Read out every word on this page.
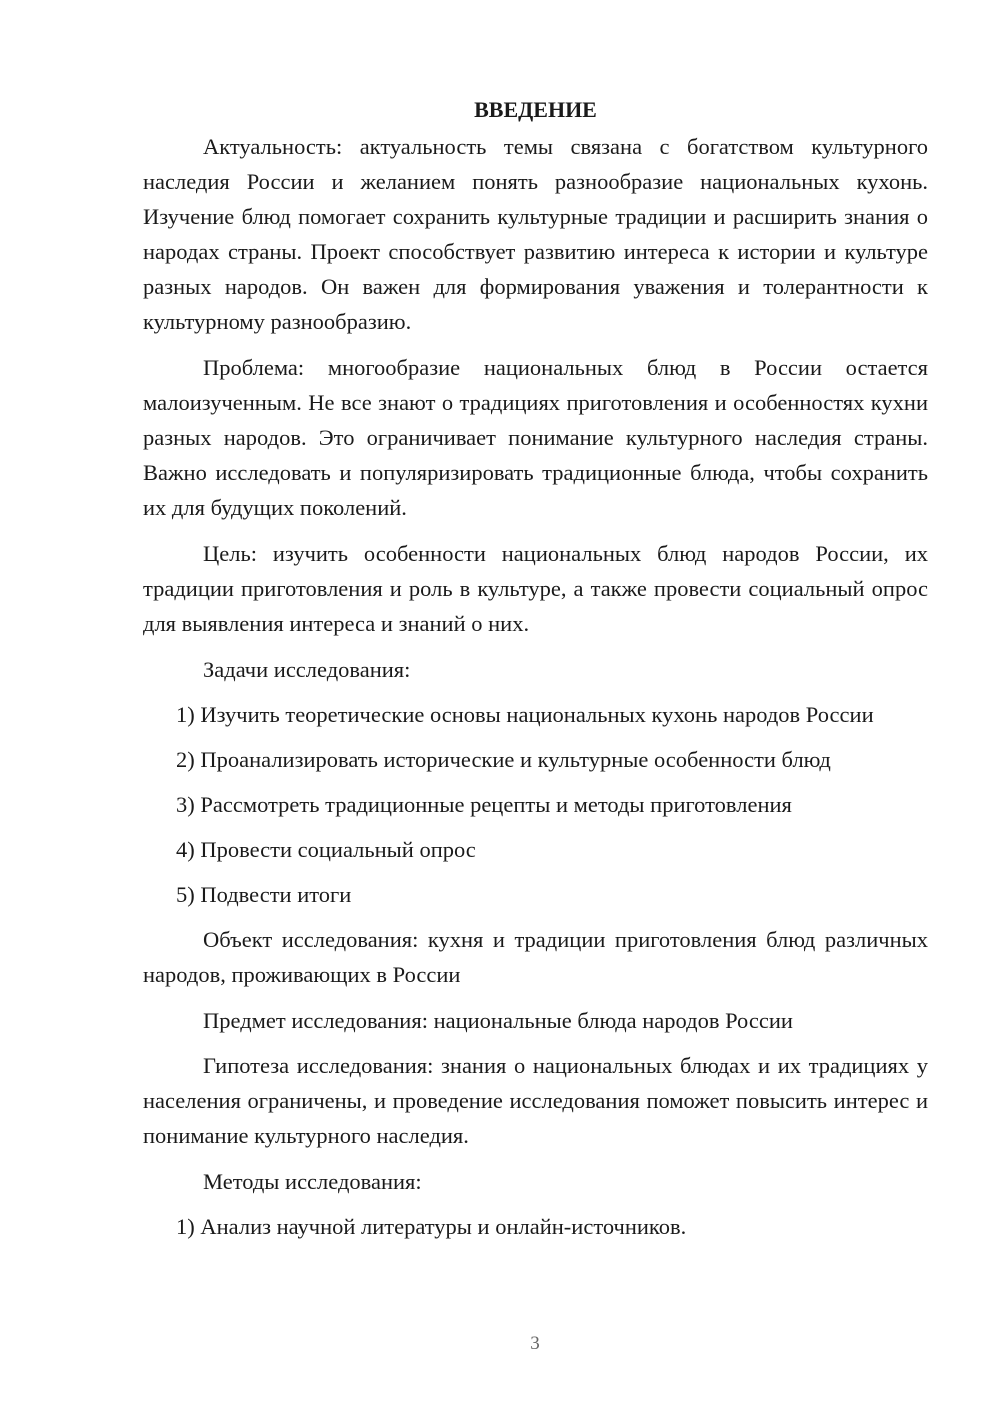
ВВЕДЕНИЕ

Актуальность: актуальность темы связана с богатством культурного наследия России и желанием понять разнообразие национальных кухонь. Изучение блюд помогает сохранить культурные традиции и расширить знания о народах страны. Проект способствует развитию интереса к истории и культуре разных народов. Он важен для формирования уважения и толерантности к культурному разнообразию.

Проблема: многообразие национальных блюд в России остается малоизученным. Не все знают о традициях приготовления и особенностях кухни разных народов. Это ограничивает понимание культурного наследия страны. Важно исследовать и популяризировать традиционные блюда, чтобы сохранить их для будущих поколений.

Цель: изучить особенности национальных блюд народов России, их традиции приготовления и роль в культуре, а также провести социальный опрос для выявления интереса и знаний о них.

Задачи исследования:
1) Изучить теоретические основы национальных кухонь народов России
2) Проанализировать исторические и культурные особенности блюд
3) Рассмотреть традиционные рецепты и методы приготовления
4) Провести социальный опрос
5) Подвести итоги

Объект исследования: кухня и традиции приготовления блюд различных народов, проживающих в России

Предмет исследования: национальные блюда народов России

Гипотеза исследования: знания о национальных блюдах и их традициях у населения ограничены, и проведение исследования поможет повысить интерес и понимание культурного наследия.

Методы исследования:
1) Анализ научной литературы и онлайн-источников.
3
